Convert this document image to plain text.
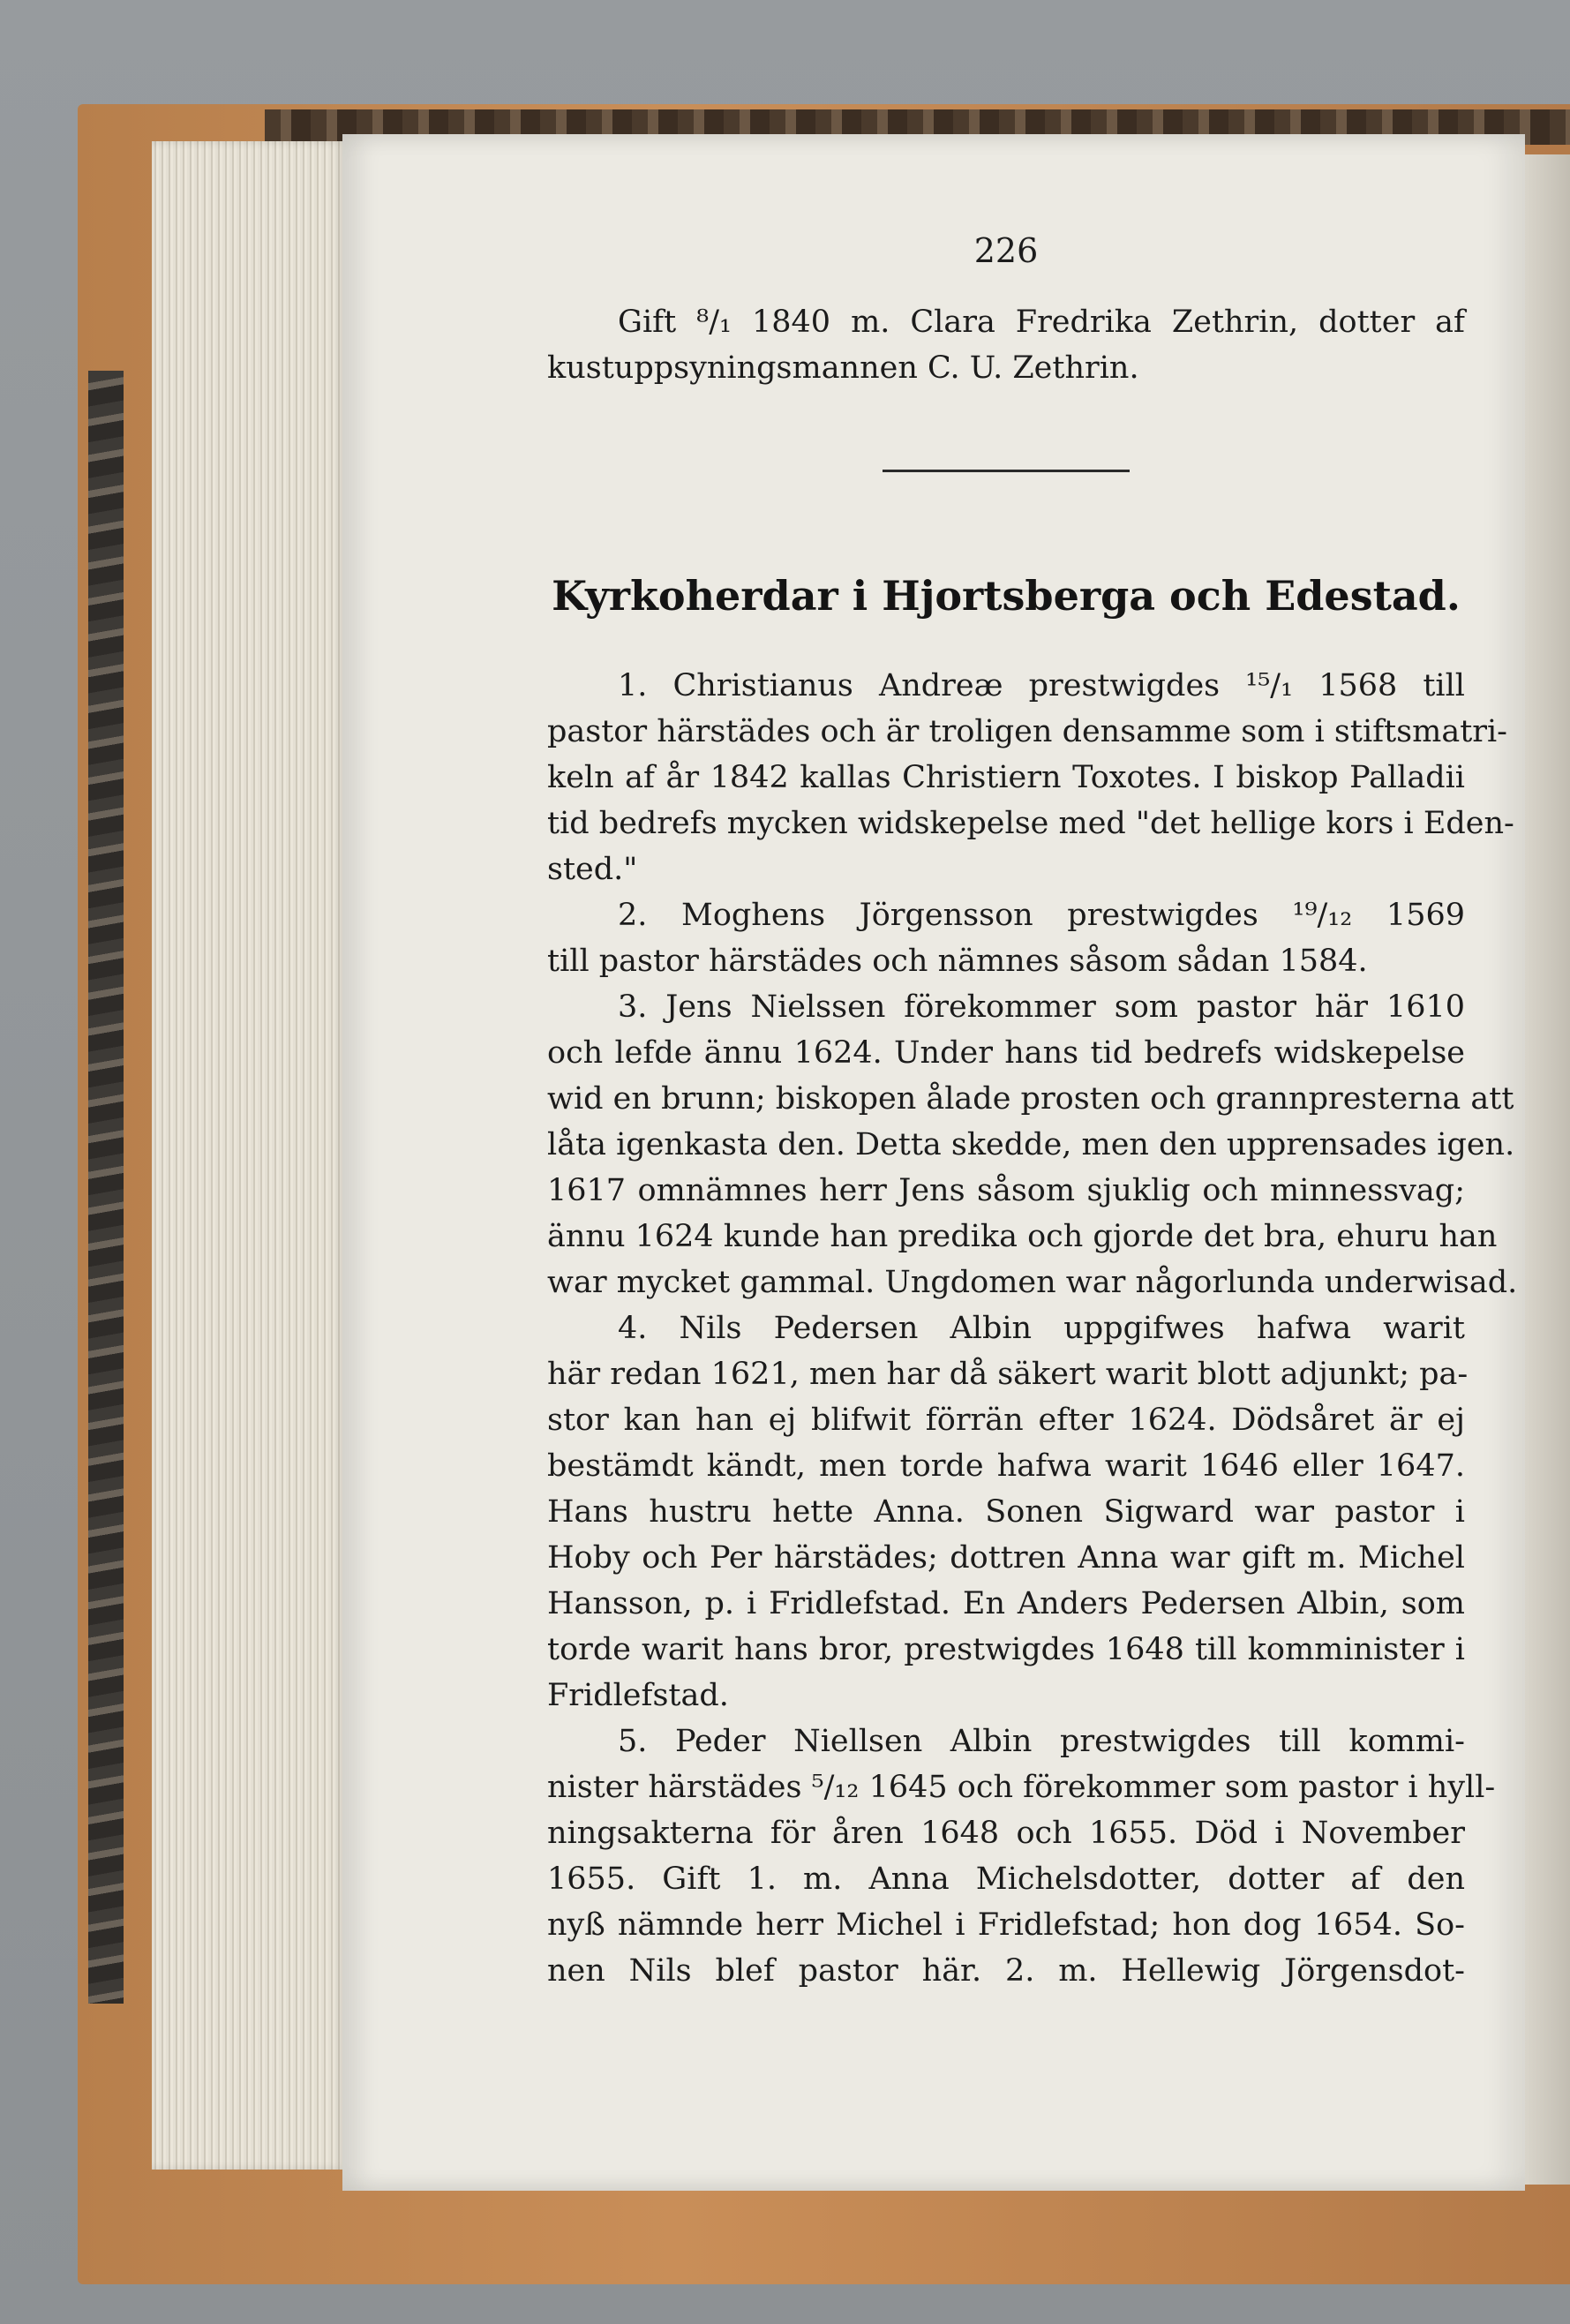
226
Kyrkoherdar i Hjortsberga och Edestad.
Gift ⁸/₁ 1840 m. Clara Fredrika Zethrin, dotter af
kustuppsyningsmannen C. U. Zethrin.
1. Christianus Andreæ prestwigdes ¹⁵/₁ 1568 till
pastor härstädes och är troligen densamme som i stiftsmatri-
keln af år 1842 kallas Christiern Toxotes. I biskop Palladii
tid bedrefs mycken widskepelse med "det hellige kors i Eden-
sted."
2. Moghens Jörgensson prestwigdes ¹⁹/₁₂ 1569
till pastor härstädes och nämnes såsom sådan 1584.
3. Jens Nielssen förekommer som pastor här 1610
och lefde ännu 1624. Under hans tid bedrefs widskepelse
wid en brunn; biskopen ålade prosten och grannpresterna att
låta igenkasta den. Detta skedde, men den upprensades igen.
1617 omnämnes herr Jens såsom sjuklig och minnessvag;
ännu 1624 kunde han predika och gjorde det bra, ehuru han
war mycket gammal. Ungdomen war någorlunda underwisad.
4. Nils Pedersen Albin uppgifwes hafwa warit
här redan 1621, men har då säkert warit blott adjunkt; pa-
stor kan han ej blifwit förrän efter 1624. Dödsåret är ej
bestämdt kändt, men torde hafwa warit 1646 eller 1647.
Hans hustru hette Anna. Sonen Sigward war pastor i
Hoby och Per härstädes; dottren Anna war gift m. Michel
Hansson, p. i Fridlefstad. En Anders Pedersen Albin, som
torde warit hans bror, prestwigdes 1648 till komminister i
Fridlefstad.
5. Peder Niellsen Albin prestwigdes till kommi-
nister härstädes ⁵/₁₂ 1645 och förekommer som pastor i hyll-
ningsakterna för åren 1648 och 1655. Död i November
1655. Gift 1. m. Anna Michelsdotter, dotter af den
nyß nämnde herr Michel i Fridlefstad; hon dog 1654. So-
nen Nils blef pastor här. 2. m. Hellewig Jörgensdot-
